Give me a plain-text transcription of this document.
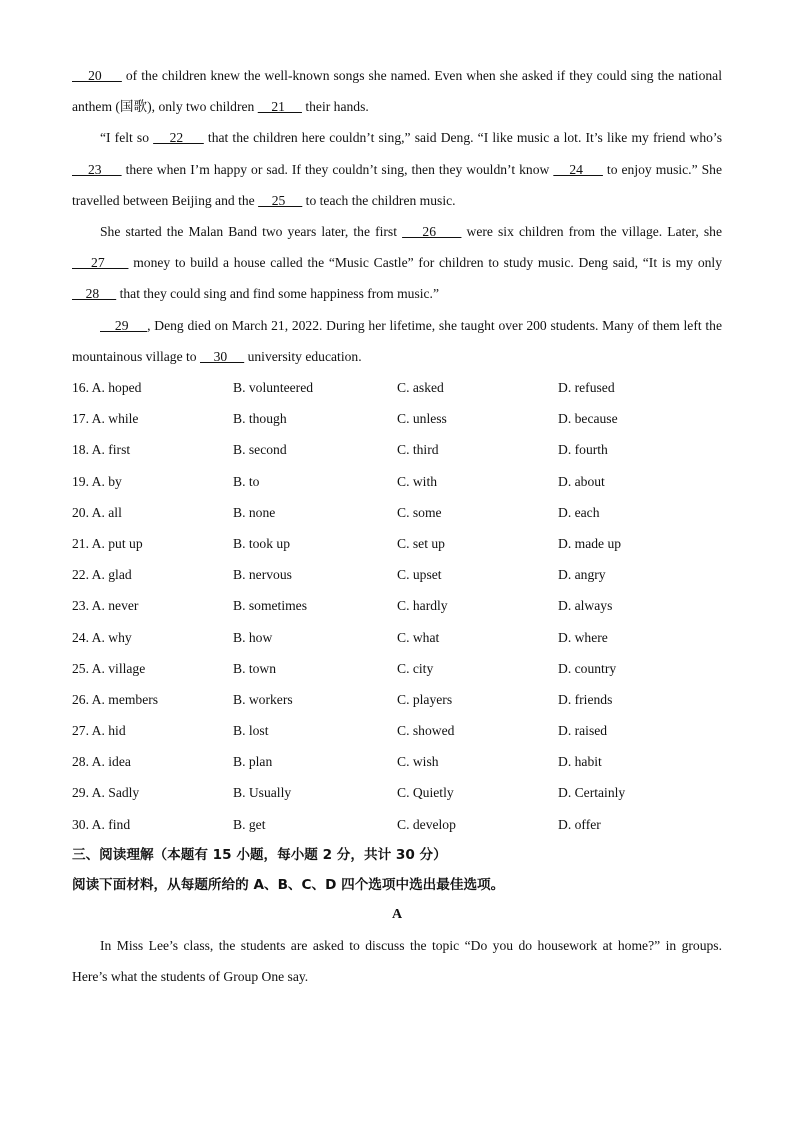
20      of the children knew the well-known songs she named. Even when she asked if they could sing the national anthem (国歌), only two children     21      their hands.

“I felt so     22      that the children here couldn’t sing,” said Deng. “I like music a lot. It’s like my friend who’s     23      there when I’m happy or sad. If they couldn’t sing, then they wouldn’t know     24      to enjoy music.” She travelled between Beijing and the     25      to teach the children music.

She started the Malan Band two years later, the first     26      were six children from the village. Later, she     27      money to build a house called the “Music Castle” for children to study music. Deng said, “It is my only     28      that they could sing and find some happiness from music.”

29     , Deng died on March 21, 2022. During her lifetime, she taught over 200 students. Many of them left the mountainous village to     30      university education.

16. A. hoped	B. volunteered	C. asked	D. refused
17. A. while	B. though	C. unless	D. because
18. A. first	B. second	C. third	D. fourth
19. A. by	B. to	C. with	D. about
20. A. all	B. none	C. some	D. each
21. A. put up	B. took up	C. set up	D. made up
22. A. glad	B. nervous	C. upset	D. angry
23. A. never	B. sometimes	C. hardly	D. always
24. A. why	B. how	C. what	D. where
25. A. village	B. town	C. city	D. country
26. A. members	B. workers	C. players	D. friends
27. A. hid	B. lost	C. showed	D. raised
28. A. idea	B. plan	C. wish	D. habit
29. A. Sadly	B. Usually	C. Quietly	D. Certainly
30. A. find	B. get	C. develop	D. offer

三、阅读理解（本题有 15 小题，每小题 2 分，共计 30 分）

阅读下面材料，从每题所给的 A、B、C、D 四个选项中选出最佳选项。

A

In Miss Lee’s class, the students are asked to discuss the topic “Do you do housework at home?” in groups. Here’s what the students of Group One say.
